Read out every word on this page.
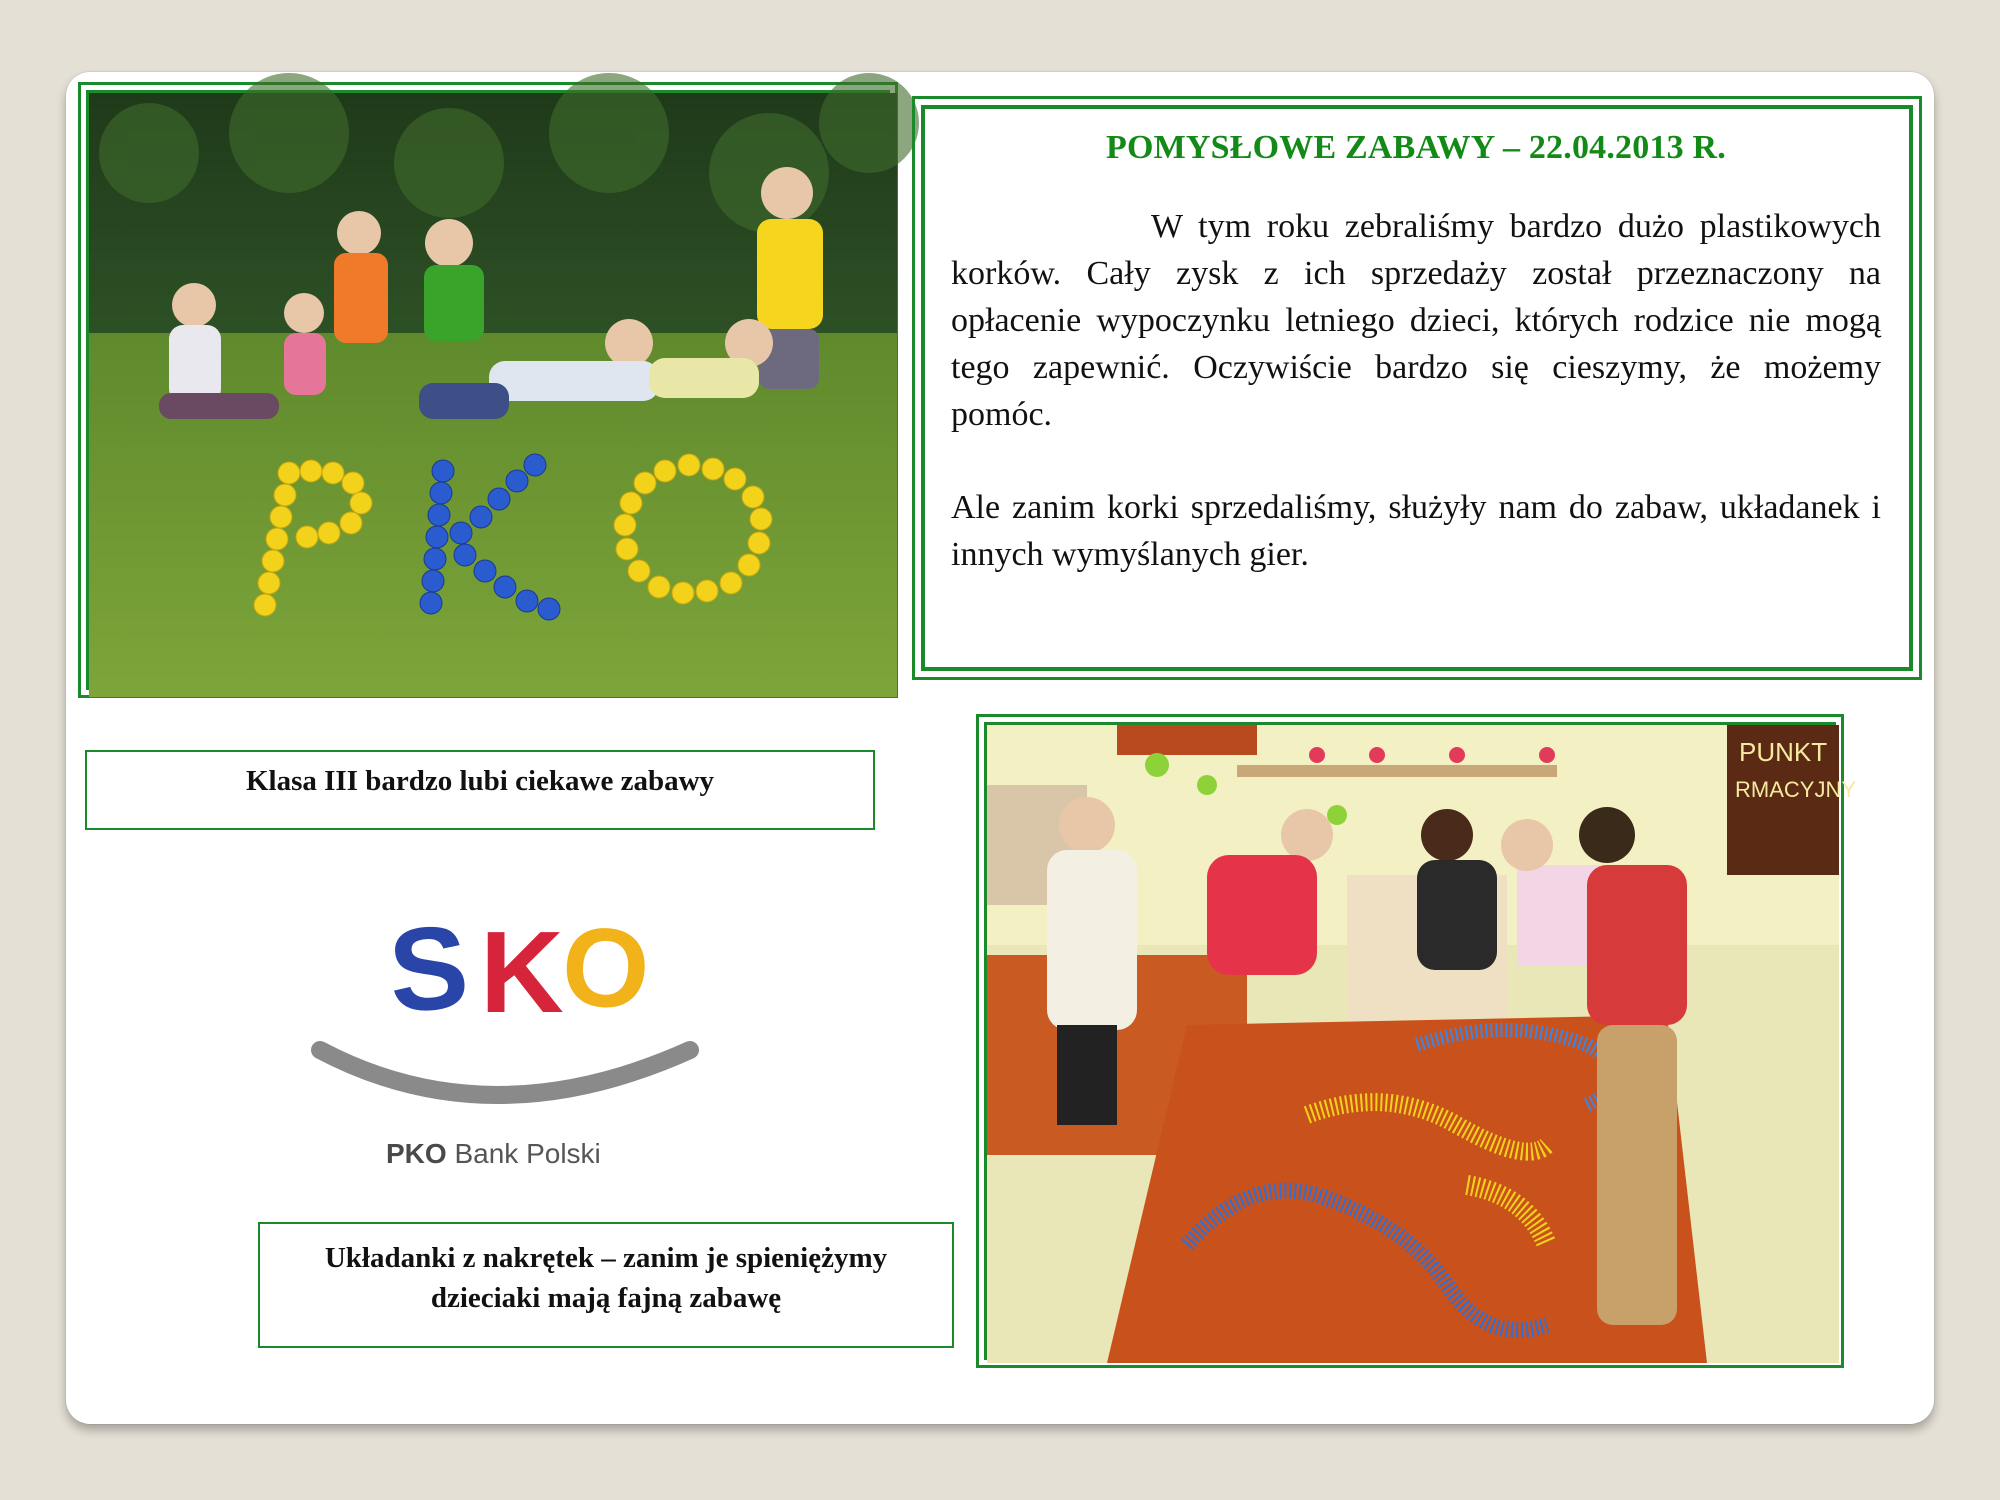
POMYSŁOWE ZABAWY – 22.04.2013 R.

W tym roku zebraliśmy bardzo dużo plastikowych korków. Cały zysk z ich sprzedaży został przeznaczony na opłacenie wypoczynku letniego dzieci, których rodzice nie mogą tego zapewnić. Oczywiście bardzo się cieszymy, że możemy pomóc.

Ale zanim korki sprzedaliśmy, służyły nam do zabaw, układanek i innych wymyślanych gier.

Klasa III bardzo lubi ciekawe zabawy
S K
O
PKO Bank Polski
Układanki z nakrętek – zanim je spieniężymy
dzieciaki mają fajną zabawę
PUNKT
RMACYJNY
